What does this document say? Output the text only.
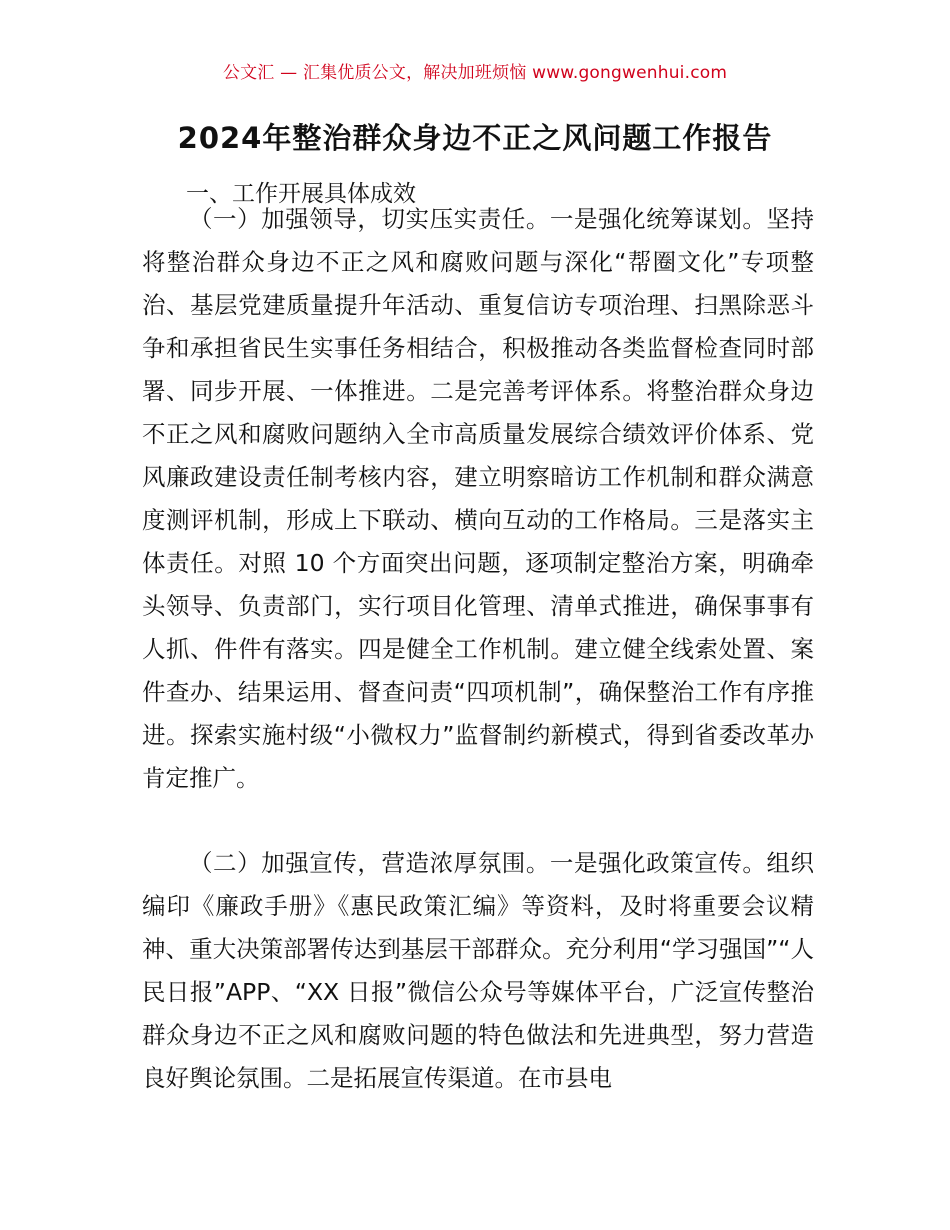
公文汇 — 汇集优质公文，解决加班烦恼 www.gongwenhui.com
2024年整治群众身边不正之风问题工作报告
一、工作开展具体成效

（一）加强领导，切实压实责任。一是强化统筹谋划。坚持将整治群众身边不正之风和腐败问题与深化“帮圈文化”专项整治、基层党建质量提升年活动、重复信访专项治理、扫黑除恶斗争和承担省民生实事任务相结合，积极推动各类监督检查同时部署、同步开展、一体推进。二是完善考评体系。将整治群众身边不正之风和腐败问题纳入全市高质量发展综合绩效评价体系、党风廉政建设责任制考核内容，建立明察暗访工作机制和群众满意度测评机制，形成上下联动、横向互动的工作格局。三是落实主体责任。对照 10 个方面突出问题，逐项制定整治方案，明确牵头领导、负责部门，实行项目化管理、清单式推进，确保事事有人抓、件件有落实。四是健全工作机制。建立健全线索处置、案件查办、结果运用、督查问责“四项机制”，确保整治工作有序推进。探索实施村级“小微权力”监督制约新模式，得到省委改革办肯定推广。

（二）加强宣传，营造浓厚氛围。一是强化政策宣传。组织编印《廉政手册》《惠民政策汇编》等资料，及时将重要会议精神、重大决策部署传达到基层干部群众。充分利用“学习强国”“人民日报”APP、“XX 日报”微信公众号等媒体平台，广泛宣传整治群众身边不正之风和腐败问题的特色做法和先进典型，努力营造良好舆论氛围。二是拓展宣传渠道。在市县电
